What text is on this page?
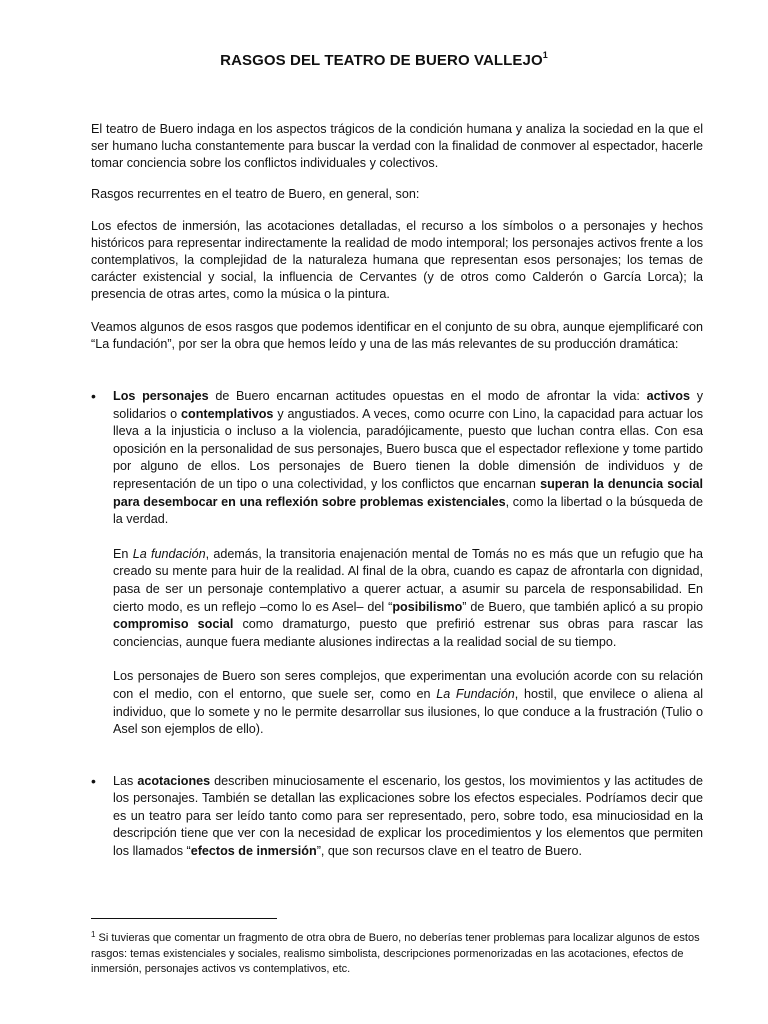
RASGOS DEL TEATRO DE BUERO VALLEJO$^1$

El teatro de Buero indaga en los aspectos trágicos de la condición humana y analiza la sociedad en la que el ser humano lucha constantemente para buscar la verdad con la finalidad de conmover al espectador, hacerle tomar conciencia sobre los conflictos individuales y colectivos.

Rasgos recurrentes en el teatro de Buero, en general, son:

Los efectos de inmersión, las acotaciones detalladas, el recurso a los símbolos o a personajes y hechos históricos para representar indirectamente la realidad de modo intemporal; los personajes activos frente a los contemplativos, la complejidad de la naturaleza humana que representan esos personajes; los temas de carácter existencial y social, la influencia de Cervantes (y de otros como Calderón o García Lorca); la presencia de otras artes, como la música o la pintura.

Veamos algunos de esos rasgos que podemos identificar en el conjunto de su obra, aunque ejemplificaré con “La fundación”, por ser la obra que hemos leído y una de las más relevantes de su producción dramática:

• Los personajes de Buero encarnan actitudes opuestas en el modo de afrontar la vida: activos y solidarios o contemplativos y angustiados. A veces, como ocurre con Lino, la capacidad para actuar los lleva a la injusticia o incluso a la violencia, paradójicamente, puesto que luchan contra ellas. Con esa oposición en la personalidad de sus personajes, Buero busca que el espectador reflexione y tome partido por alguno de ellos. Los personajes de Buero tienen la doble dimensión de individuos y de representación de un tipo o una colectividad, y los conflictos que encarnan superan la denuncia social para desembocar en una reflexión sobre problemas existenciales, como la libertad o la búsqueda de la verdad.

En La fundación, además, la transitoria enajenación mental de Tomás no es más que un refugio que ha creado su mente para huir de la realidad. Al final de la obra, cuando es capaz de afrontarla con dignidad, pasa de ser un personaje contemplativo a querer actuar, a asumir su parcela de responsabilidad. En cierto modo, es un reflejo –como lo es Asel– del “posibilismo” de Buero, que también aplicó a su propio compromiso social como dramaturgo, puesto que prefirió estrenar sus obras para rascar las conciencias, aunque fuera mediante alusiones indirectas a la realidad social de su tiempo.

Los personajes de Buero son seres complejos, que experimentan una evolución acorde con su relación con el medio, con el entorno, que suele ser, como en La Fundación, hostil, que envilece o aliena al individuo, que lo somete y no le permite desarrollar sus ilusiones, lo que conduce a la frustración (Tulio o Asel son ejemplos de ello).

• Las acotaciones describen minuciosamente el escenario, los gestos, los movimientos y las actitudes de los personajes. También se detallan las explicaciones sobre los efectos especiales. Podríamos decir que es un teatro para ser leído tanto como para ser representado, pero, sobre todo, esa minuciosidad en la descripción tiene que ver con la necesidad de explicar los procedimientos y los elementos que permiten los llamados “efectos de inmersión”, que son recursos clave en el teatro de Buero.

$^1$ Si tuvieras que comentar un fragmento de otra obra de Buero, no deberías tener problemas para localizar algunos de estos rasgos: temas existenciales y sociales, realismo simbolista, descripciones pormenorizadas en las acotaciones, efectos de inmersión, personajes activos vs contemplativos, etc.
